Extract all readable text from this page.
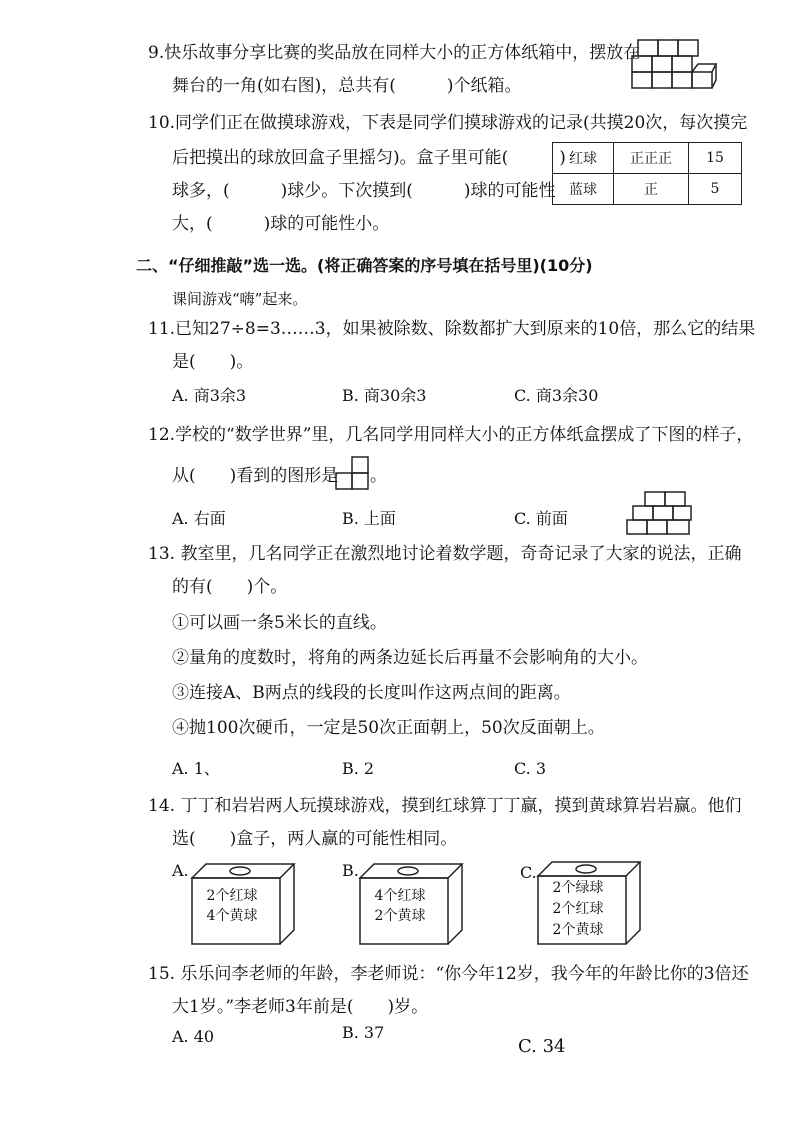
9.快乐故事分享比赛的奖品放在同样大小的正方体纸箱中，摆放在
舞台的一角(如右图)，总共有(　　　)个纸箱。
10.同学们正在做摸球游戏，下表是同学们摸球游戏的记录(共摸20次，每次摸完
后把摸出的球放回盒子里摇匀)。盒子里可能(　　　)
球多，(　　　)球少。下次摸到(　　　)球的可能性
大，(　　　)球的可能性小。
红球	正正正	15
蓝球	正	5
二、“仔细推敲”选一选。(将正确答案的序号填在括号里)(10分)
课间游戏“嗨”起来。
11.已知27÷8=3……3，如果被除数、除数都扩大到原来的10倍，那么它的结果
是(　　)。
A. 商3余3	B. 商30余3	C. 商3余30
12.学校的“数学世界”里，几名同学用同样大小的正方体纸盒摆成了下图的样子，
从(　　)看到的图形是 。
A. 右面	B. 上面	C. 前面
13. 教室里，几名同学正在激烈地讨论着数学题，奇奇记录了大家的说法，正确
的有(　　)个。
①可以画一条5米长的直线。
②量角的度数时，将角的两条边延长后再量不会影响角的大小。
③连接A、B两点的线段的长度叫作这两点间的距离。
④抛100次硬币，一定是50次正面朝上，50次反面朝上。
A. 1、	B. 2	C. 3
14. 丁丁和岩岩两人玩摸球游戏，摸到红球算丁丁赢，摸到黄球算岩岩赢。他们
选(　　)盒子，两人赢的可能性相同。
A.
2个红球
4个黄球
B.
4个红球
2个黄球
C.
2个绿球
2个红球
2个黄球
15. 乐乐问李老师的年龄，李老师说：“你今年12岁，我今年的年龄比你的3倍还
大1岁。”李老师3年前是(　　)岁。
A. 40	B. 37
C. 34
